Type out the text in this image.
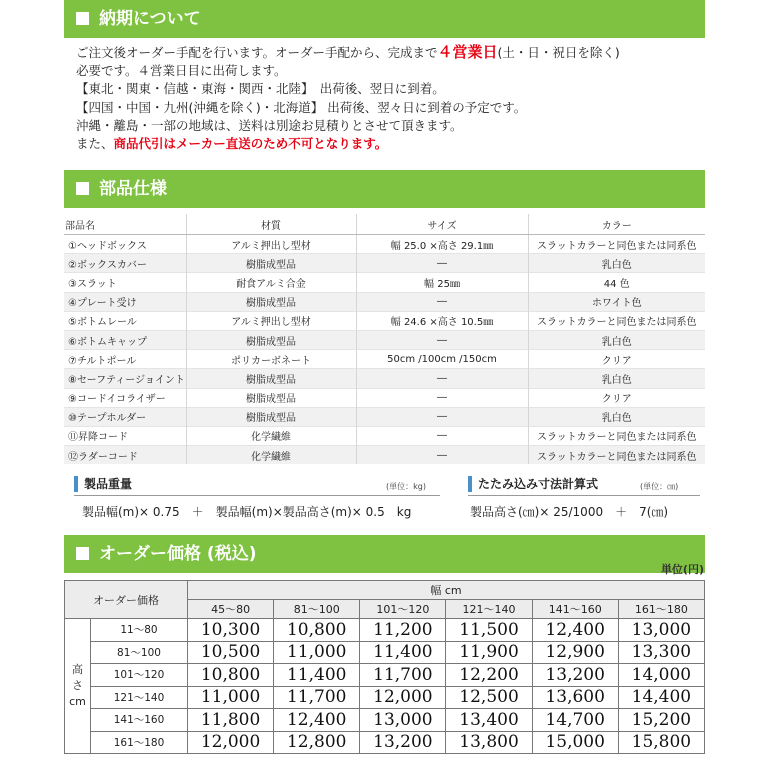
納期について

ご注文後オーダー手配を行います。オーダー手配から、完成まで４営業日(土・日・祝日を除く)

必要です。４営業日目に出荷します。

【東北・関東・信越・東海・関西・北陸】　出荷後、翌日に到着。

【四国・中国・九州(沖縄を除く)・北海道】 出荷後、翌々日に到着の予定です。

沖縄・離島・一部の地域は、送料は別途お見積りとさせて頂きます。

また、商品代引はメーカー直送のため不可となります。

部品仕様
部品名	材質	サイズ	カラー
①ヘッドボックス	アルミ押出し型材	幅 25.0 ×高さ 29.1㎜	スラットカラーと同色または同系色
②ボックスカバー	樹脂成型品	―	乳白色
③スラット	耐食アルミ合金	幅 25㎜	44 色
④プレート受け	樹脂成型品	―	ホワイト色
⑤ボトムレール	アルミ押出し型材	幅 24.6 ×高さ 10.5㎜	スラットカラーと同色または同系色
⑥ボトムキャップ	樹脂成型品	―	乳白色
⑦チルトポール	ポリカーボネート	50cm /100cm /150cm	クリア
⑧セーフティージョイント	樹脂成型品	―	乳白色
⑨コードイコライザー	樹脂成型品	―	クリア
⑩テープホルダー	樹脂成型品	―	乳白色
⑪昇降コード	化学繊維	―	スラットカラーと同色または同系色
⑫ラダーコード	化学繊維	―	スラットカラーと同色または同系色
製品重量	(単位：kg)
製品幅(m)× 0.75　＋　製品幅(m)×製品高さ(m)× 0.5　kg
たたみ込み寸法計算式	(単位：㎝)
製品高さ(㎝)× 25/1000　＋　7(㎝)
オーダー価格 (税込)
単位(円)
オーダー価格		幅 cm					
		45～80	81～100	101～120	121～140	141～160	161～180

高
さ
cm	11～80	10,300	10,800	11,200	11,500	12,400	13,000
	81～100	10,500	11,000	11,400	11,900	12,900	13,300
	101～120	10,800	11,400	11,700	12,200	13,200	14,000
	121～140	11,000	11,700	12,000	12,500	13,600	14,400
	141～160	11,800	12,400	13,000	13,400	14,700	15,200
	161～180	12,000	12,800	13,200	13,800	15,000	15,800
